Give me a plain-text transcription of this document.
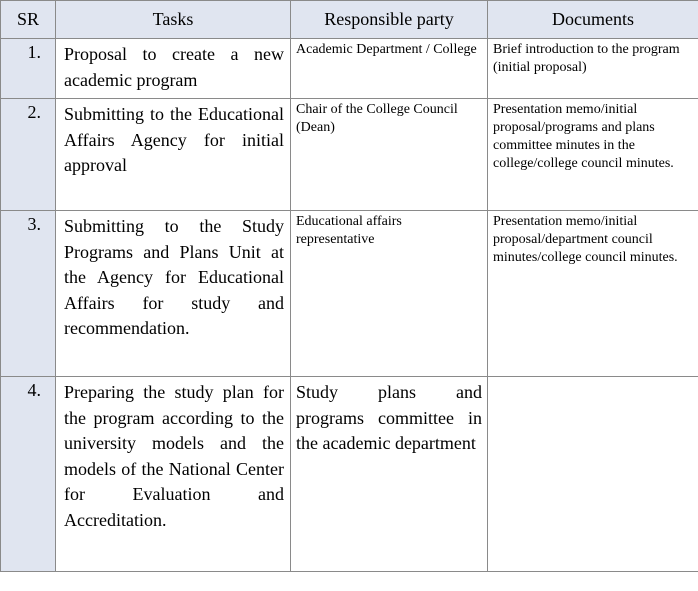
SR	Tasks	Responsible party	Documents
1.	Proposal to create a new academic program	Academic Department / College	Brief introduction to the program (initial proposal)
2.	Submitting to the Educational Affairs Agency for initial approval	Chair of the College Council (Dean)	Presentation memo/initial proposal/programs and plans committee minutes in the college/college council minutes.
3.	Submitting to the Study Programs and Plans Unit at the Agency for Educational Affairs for study and recommendation.	Educational affairs representative	Presentation memo/initial proposal/department council minutes/college council minutes.
4.	Preparing the study plan for the program according to the university models and the models of the National Center for Evaluation and Accreditation.	Study plans and programs committee in the academic department	
